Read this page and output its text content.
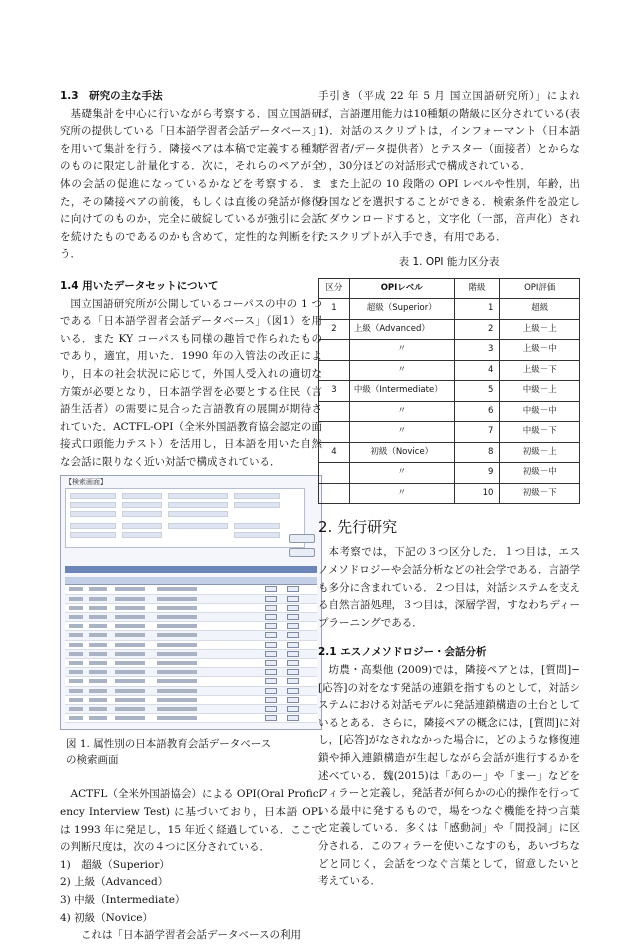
1.3　研究の主な手法

基礎集計を中心に行いながら考察する．国立国語研究所の提供している「日本語学習者会話データベース」を用いて集計を行う．隣接ペアは本稿で定義する種類のものに限定し計量化する．次に，それらのペアが全体の会話の促進になっているかなどを考察する．また，その隣接ペアの前後，もしくは直後の発話が修復に向けてのものか，完全に破綻しているが強引に会話を続けたものであるのかも含めて，定性的な判断を行う．

1.4 用いたデータセットについて

国立国語研究所が公開しているコーパスの中の 1 つである「日本語学習者会話データベース」（図1）を用いる．また KY コーパスも同様の趣旨で作られたものであり，適宜，用いた．1990 年の入管法の改正により，日本の社会状況に応じて，外国人受入れの適切な方策が必要となり，日本語学習を必要とする住民（言語生活者）の需要に見合った言語教育の展開が期待されていた．ACTFL-OPI（全米外国語教育協会認定の面接式口頭能力テスト）を活用し，日本語を用いた自然な会話に限りなく近い対話で構成されている．

【検索画面】
図 1. 属性別の日本語教育会話データベース
の検索画面

ACTFL（全米外国語協会）による OPI(Oral Proficiency Interview Test) に基づいており，日本語 OPI は 1993 年に発足し，15 年近く経過している．ここでの判断尺度は，次の４つに区分されている．

1)　超級（Superior）
2) 上級（Advanced）
3) 中級（Intermediate）
4) 初級（Novice）

これは「日本語学習者会話データベースの利用

手引き（平成 22 年 5 月 国立国語研究所）」によれば，言語運用能力は10種類の階級に区分されている(表1)．対話のスクリプトは，インフォーマント（日本語学習者/データ提供者）とテスター（面接者）とからなり，30分ほどの対話形式で構成されている．

また上記の 10 段階の OPI レベルや性別，年齢，出身国などを選択することができる．検索条件を設定してダウンロードすると，文字化（一部，音声化）されたスクリプトが入手でき，有用である．

表 1. OPI 能力区分表
区分	OPIレベル	階級	OPI評価
1	超級（Superior）	1	超級
2	上級（Advanced）	2	上級－上
	〃	3	上級－中
	〃	4	上級－下
3	中級（Intermediate）	5	中級－上
	〃	6	中級－中
	〃	7	中級－下
4	初級（Novice）	8	初級－上
	〃	9	初級－中
	〃	10	初級－下
2. 先行研究

本考察では，下記の３つ区分した．１つ目は，エスノメソドロジーや会話分析などの社会学である．言語学も多分に含まれている．２つ目は，対話システムを支える自然言語処理，３つ目は，深層学習，すなわちディープラーニングである．

2.1 エスノメソドロジー・会話分析

坊農・高梨他 (2009)では，隣接ペアとは，[質問]−[応答]の対をなす発話の連鎖を指すものとして，対話システムにおける対話モデルに発話連鎖構造の土台としているとある．さらに，隣接ペアの概念には，[質問]に対し，[応答]がなされなかった場合に，どのような修復連鎖や挿入連鎖構造が生起しながら会話が進行するかを述べている．魏(2015)は「あのー」や「まー」などをフィラーと定義し，発話者が何らかの心的操作を行っている最中に発するもので，場をつなぐ機能を持つ言葉と定義している．多くは「感動詞」や「間投詞」に区分される．このフィラーを使いこなすのも，あいづちなどと同じく，会話をつなぐ言葉として，留意したいと考えている．
